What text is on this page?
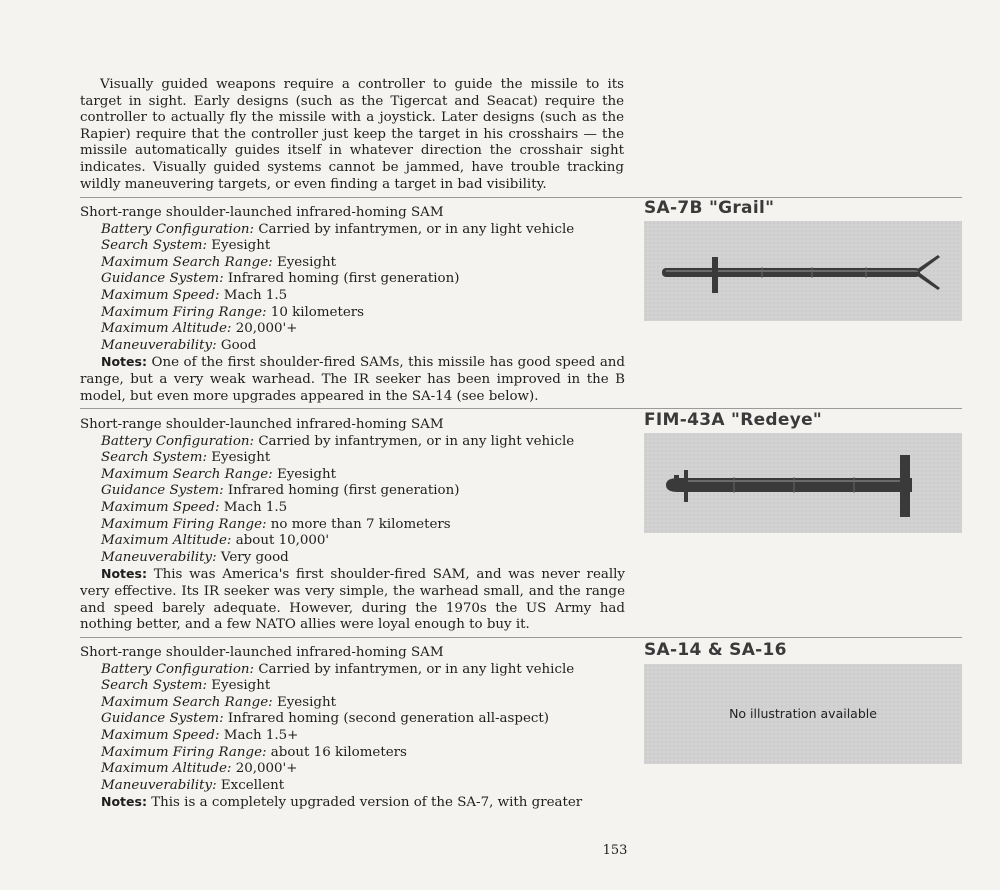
Visually guided weapons require a controller to guide the missile to its target in sight. Early designs (such as the Tigercat and Seacat) require the controller to actually fly the missile with a joystick. Later designs (such as the Rapier) require that the controller just keep the target in his crosshairs — the missile automatically guides itself in whatever direction the crosshair sight indicates. Visually guided systems cannot be jammed, have trouble tracking wildly maneuvering targets, or even finding a target in bad visibility.

SA-7B "Grail"

Short-range shoulder-launched infrared-homing SAM

Battery Configuration: Carried by infantrymen, or in any light vehicle

Search System: Eyesight

Maximum Search Range: Eyesight

Guidance System: Infrared homing (first generation)

Maximum Speed: Mach 1.5

Maximum Firing Range: 10 kilometers

Maximum Altitude: 20,000'+

Maneuverability: Good

Notes: One of the first shoulder-fired SAMs, this missile has good speed and range, but a very weak warhead. The IR seeker has been improved in the B model, but even more upgrades appeared in the SA-14 (see below).

FIM-43A "Redeye"

Short-range shoulder-launched infrared-homing SAM

Battery Configuration: Carried by infantrymen, or in any light vehicle

Search System: Eyesight

Maximum Search Range: Eyesight

Guidance System: Infrared homing (first generation)

Maximum Speed: Mach 1.5

Maximum Firing Range: no more than 7 kilometers

Maximum Altitude: about 10,000'

Maneuverability: Very good

Notes: This was America's first shoulder-fired SAM, and was never really very effective. Its IR seeker was very simple, the warhead small, and the range and speed barely adequate. However, during the 1970s the US Army had nothing better, and a few NATO allies were loyal enough to buy it.

SA-14 & SA-16
No illustration available

Short-range shoulder-launched infrared-homing SAM

Battery Configuration: Carried by infantrymen, or in any light vehicle

Search System: Eyesight

Maximum Search Range: Eyesight

Guidance System: Infrared homing (second generation all-aspect)

Maximum Speed: Mach 1.5+

Maximum Firing Range: about 16 kilometers

Maximum Altitude: 20,000'+

Maneuverability: Excellent

Notes: This is a completely upgraded version of the SA-7, with greater

153
